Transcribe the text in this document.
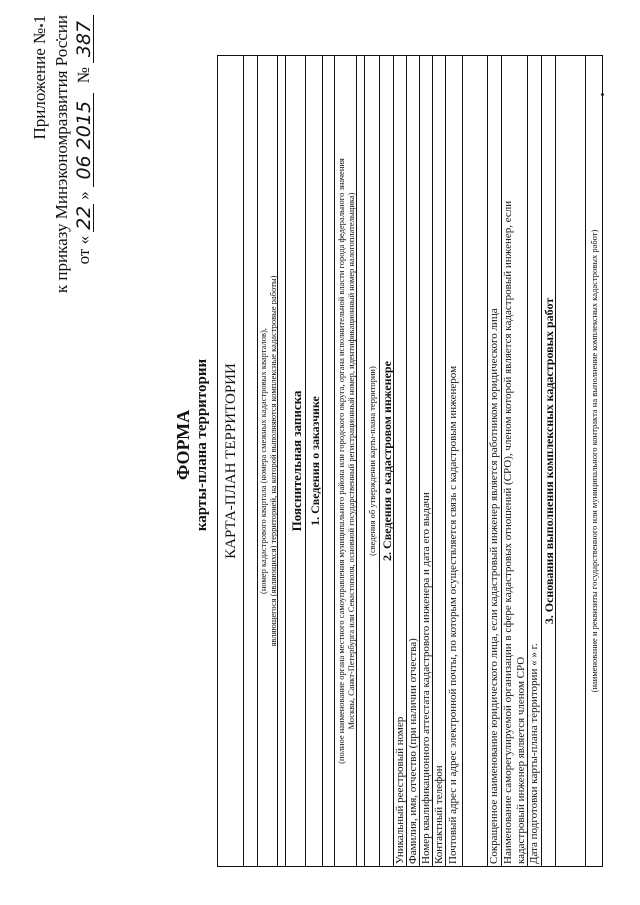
Приложение № 1 к приказу Минэкономразвития России от «
22
»
06 2015
№
387
ФОРМА карты-плана территории КАРТА-ПЛАН ТЕРРИТОРИИ (номер кадастрового квартала (номера смежных кадастровых кварталов), являющегося (являющихся) территорией, на которой выполняются комплексные кадастровые работы) Пояснительная записка 1. Сведения о заказчике (полное наименование органа местного самоуправления муниципального района или городского округа, органа исполнительной власти города федерального значения Москвы, Санкт-Петербурга или Севастополя, основной государственный регистрационный номер, идентификационный номер налогоплательщика) (сведения об утверждении карты-плана территории) 2. Сведения о кадастровом инженере
Уникальный реестровый номер Фамилия, имя, отчество (при наличии отчества) Номер квалификационного аттестата кадастрового инженера и дата его выдачи Контактный телефон Почтовый адрес и адрес электронной почты, по которым осуществляется связь с кадастровым инженером	Сокращенное наименование юридического лица, если кадастровый инженер является работником юридического лица Наименование саморегулируемой организации в сфере кадастровых отношений (СРО), членом которой является кадастровый инженер, если кадастровый инженер является членом СРО Дата подготовки карты-плана территории « » г.
3. Основания выполнения комплексных кадастровых работ	(наименование и реквизиты государственного или муниципального контракта на выполнение комплексных кадастровых работ)
